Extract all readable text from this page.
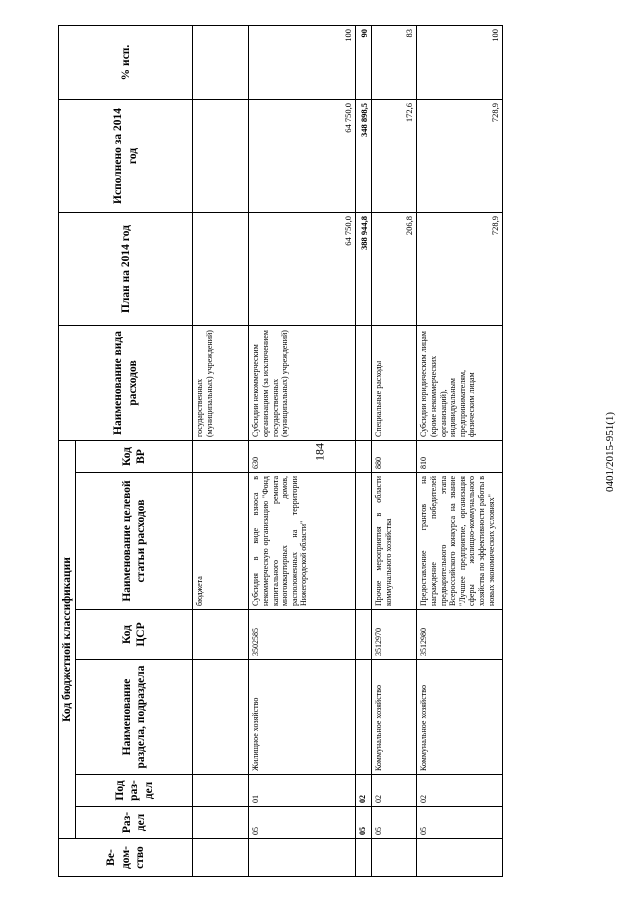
184	0401/2015-951(1)
Ве-дом-ство	Код бюджетной классификации						Наименование вида расходов	План на 2014 год	Исполнено за 2014 год	% исп.
	Раз-дел	Под раз-дел	Наименование раздела, подраздела	Код ЦСР	Наименование целевой статьи расходов	Код ВР				
					бюджета		государственных (муниципальных) учреждений)			
	05	01	Жилищное хозяйство	3502585	Субсидия в виде взноса в некоммерческую организацию "Фонд капитального ремонта многоквартирных домов, расположенных на территории Нижегородской области"	630	Субсидии некоммерческим организациям (за исключением государственных (муниципальных) учреждений)	64 750,0	64 750,0	100
	05	02						388 944,8	348 898,5	90
	05	02	Коммунальное хозяйство	3512970	Прочие мероприятия в области коммунального хозяйства	880	Специальные расходы	206,8	172,6	83
	05	02	Коммунальное хозяйство	3512980	Предоставление грантов на награждение победителей предварительного этапа Всероссийского конкурса на звание "Лучшее предприятие, организация сферы жилищно-коммунального хозяйства по эффективности работы в новых экономических условиях"	810	Субсидии юридическим лицам (кроме некоммерческих организаций), индивидуальным предпринимателям, физическим лицам	728,9	728,9	100
